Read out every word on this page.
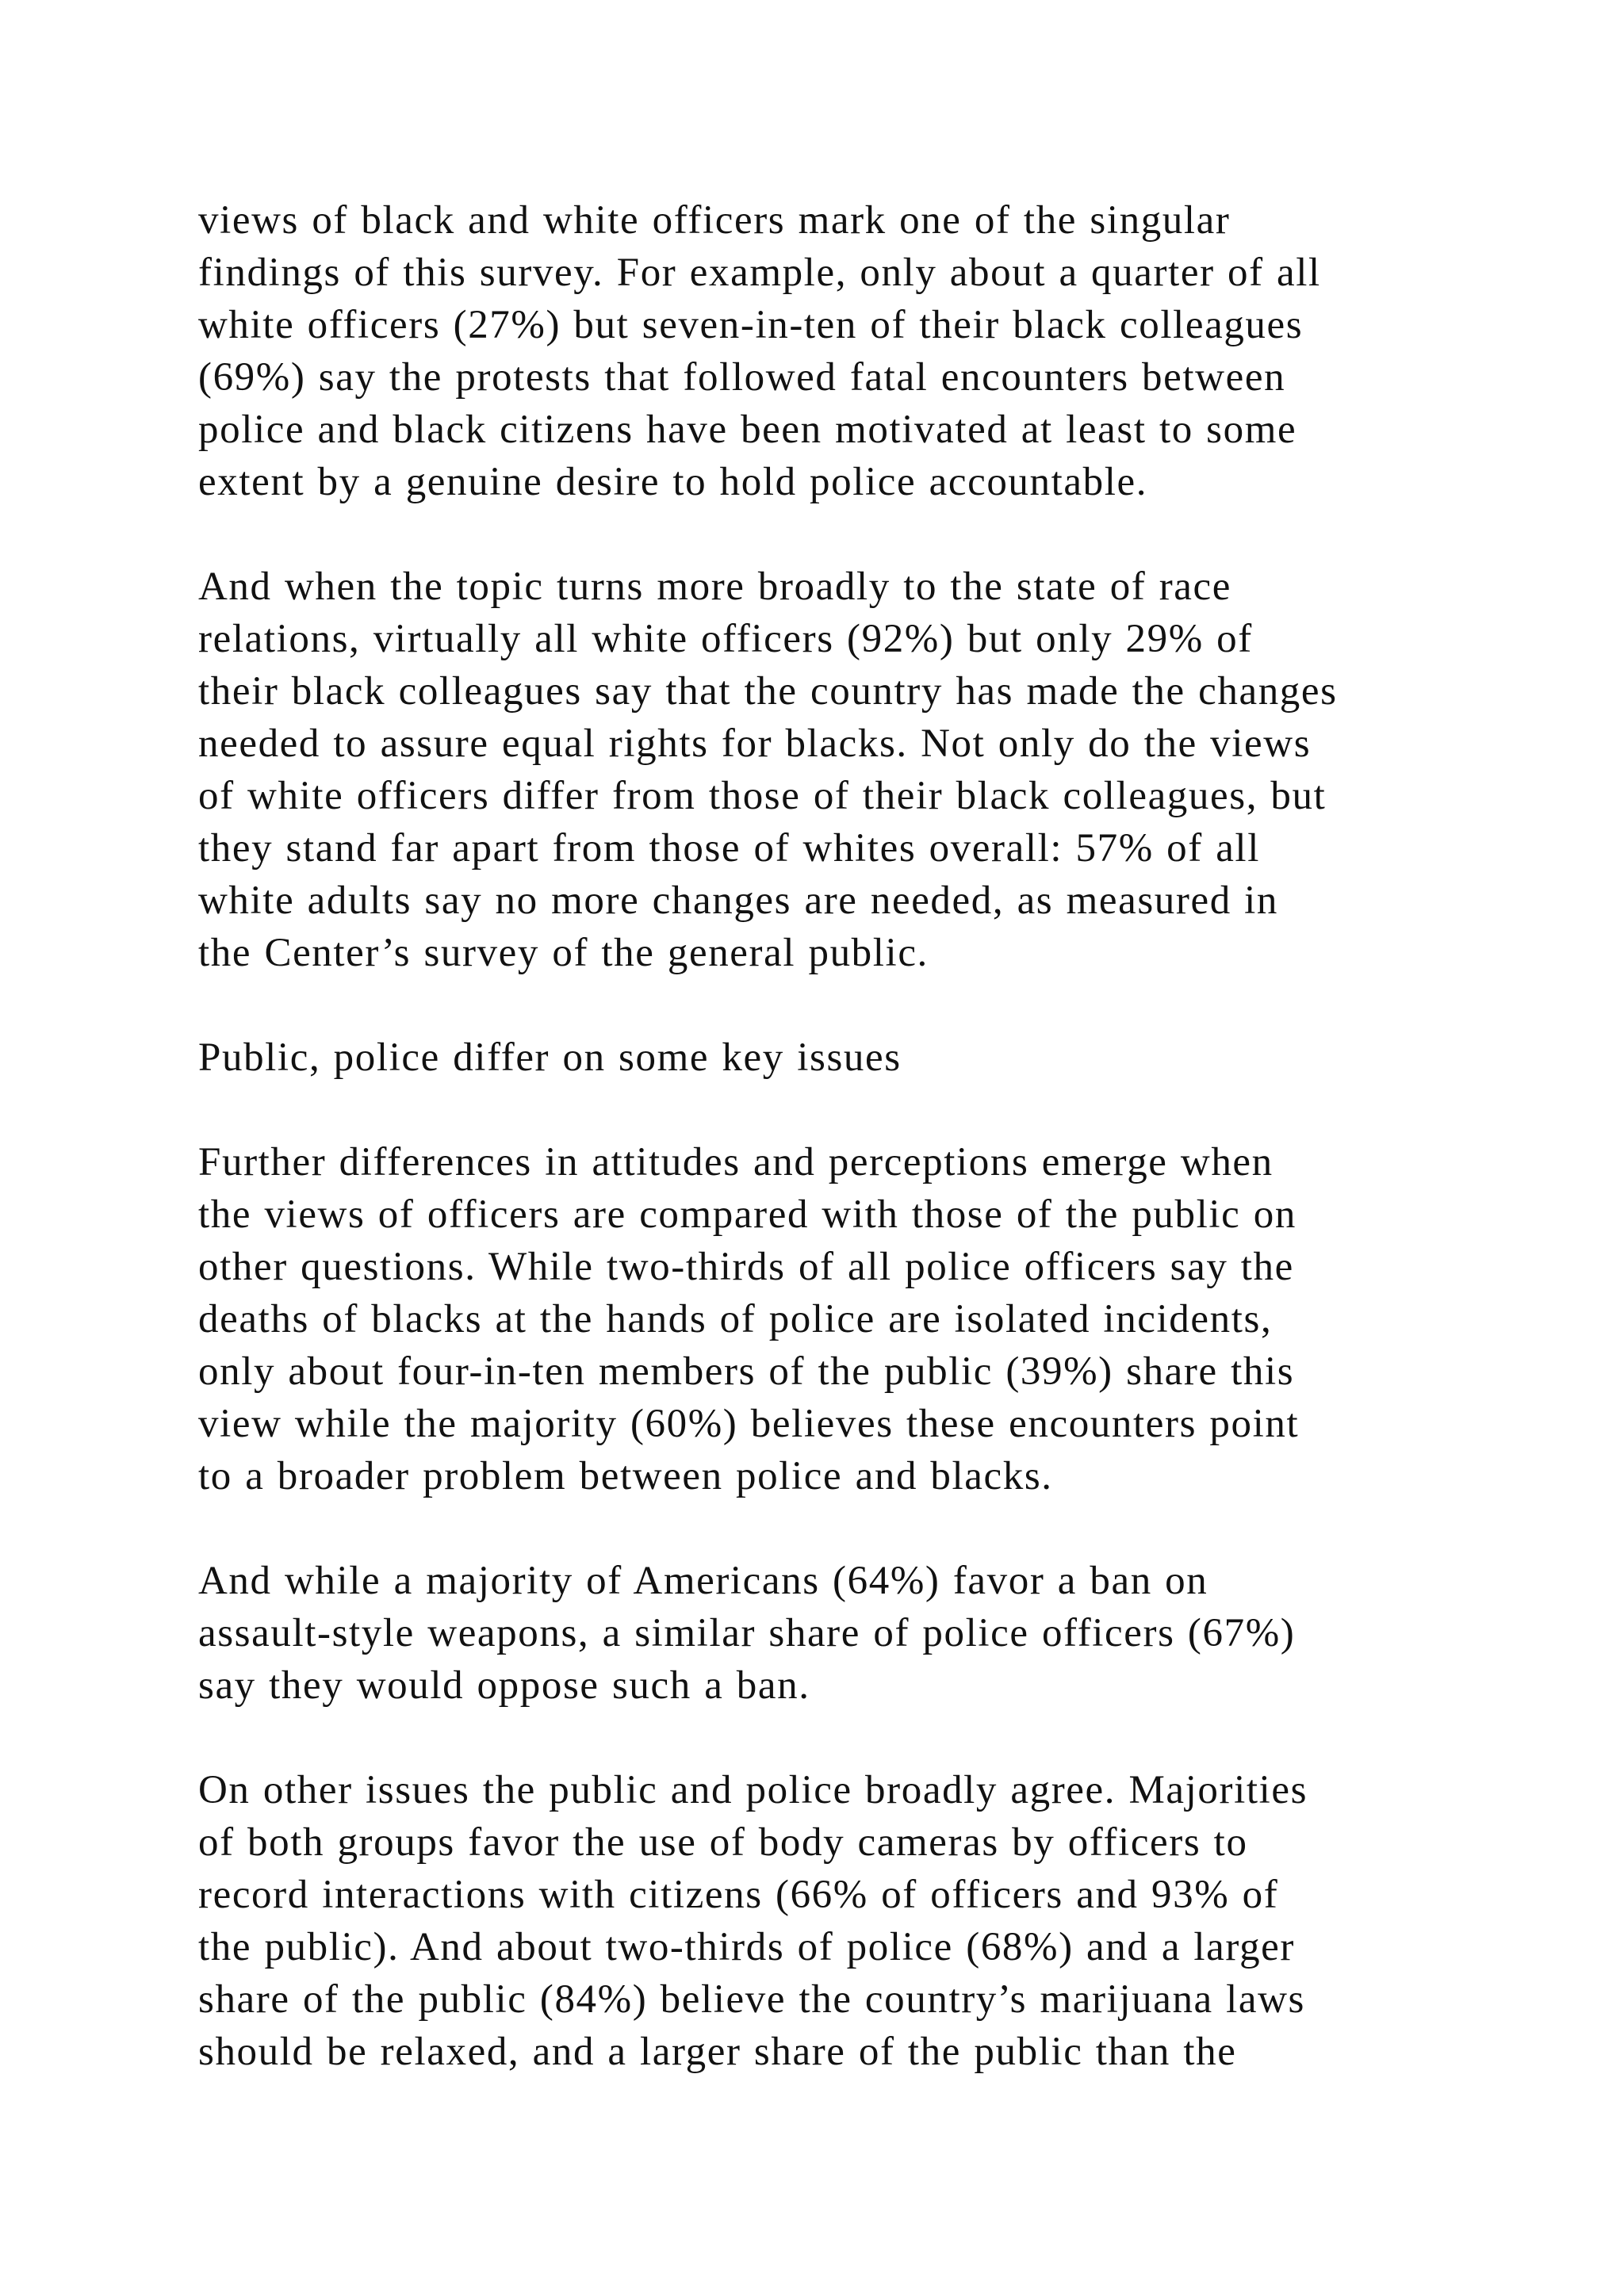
views of black and white officers mark one of the singular
findings of this survey. For example, only about a quarter of all
white officers (27%) but seven-in-ten of their black colleagues
(69%) say the protests that followed fatal encounters between
police and black citizens have been motivated at least to some
extent by a genuine desire to hold police accountable.
And when the topic turns more broadly to the state of race
relations, virtually all white officers (92%) but only 29% of
their black colleagues say that the country has made the changes
needed to assure equal rights for blacks. Not only do the views
of white officers differ from those of their black colleagues, but
they stand far apart from those of whites overall: 57% of all
white adults say no more changes are needed, as measured in
the Center’s survey of the general public.
Public, police differ on some key issues
Further differences in attitudes and perceptions emerge when
the views of officers are compared with those of the public on
other questions. While two-thirds of all police officers say the
deaths of blacks at the hands of police are isolated incidents,
only about four-in-ten members of the public (39%) share this
view while the majority (60%) believes these encounters point
to a broader problem between police and blacks.
And while a majority of Americans (64%) favor a ban on
assault-style weapons, a similar share of police officers (67%)
say they would oppose such a ban.
On other issues the public and police broadly agree. Majorities
of both groups favor the use of body cameras by officers to
record interactions with citizens (66% of officers and 93% of
the public). And about two-thirds of police (68%) and a larger
share of the public (84%) believe the country’s marijuana laws
should be relaxed, and a larger share of the public than the
